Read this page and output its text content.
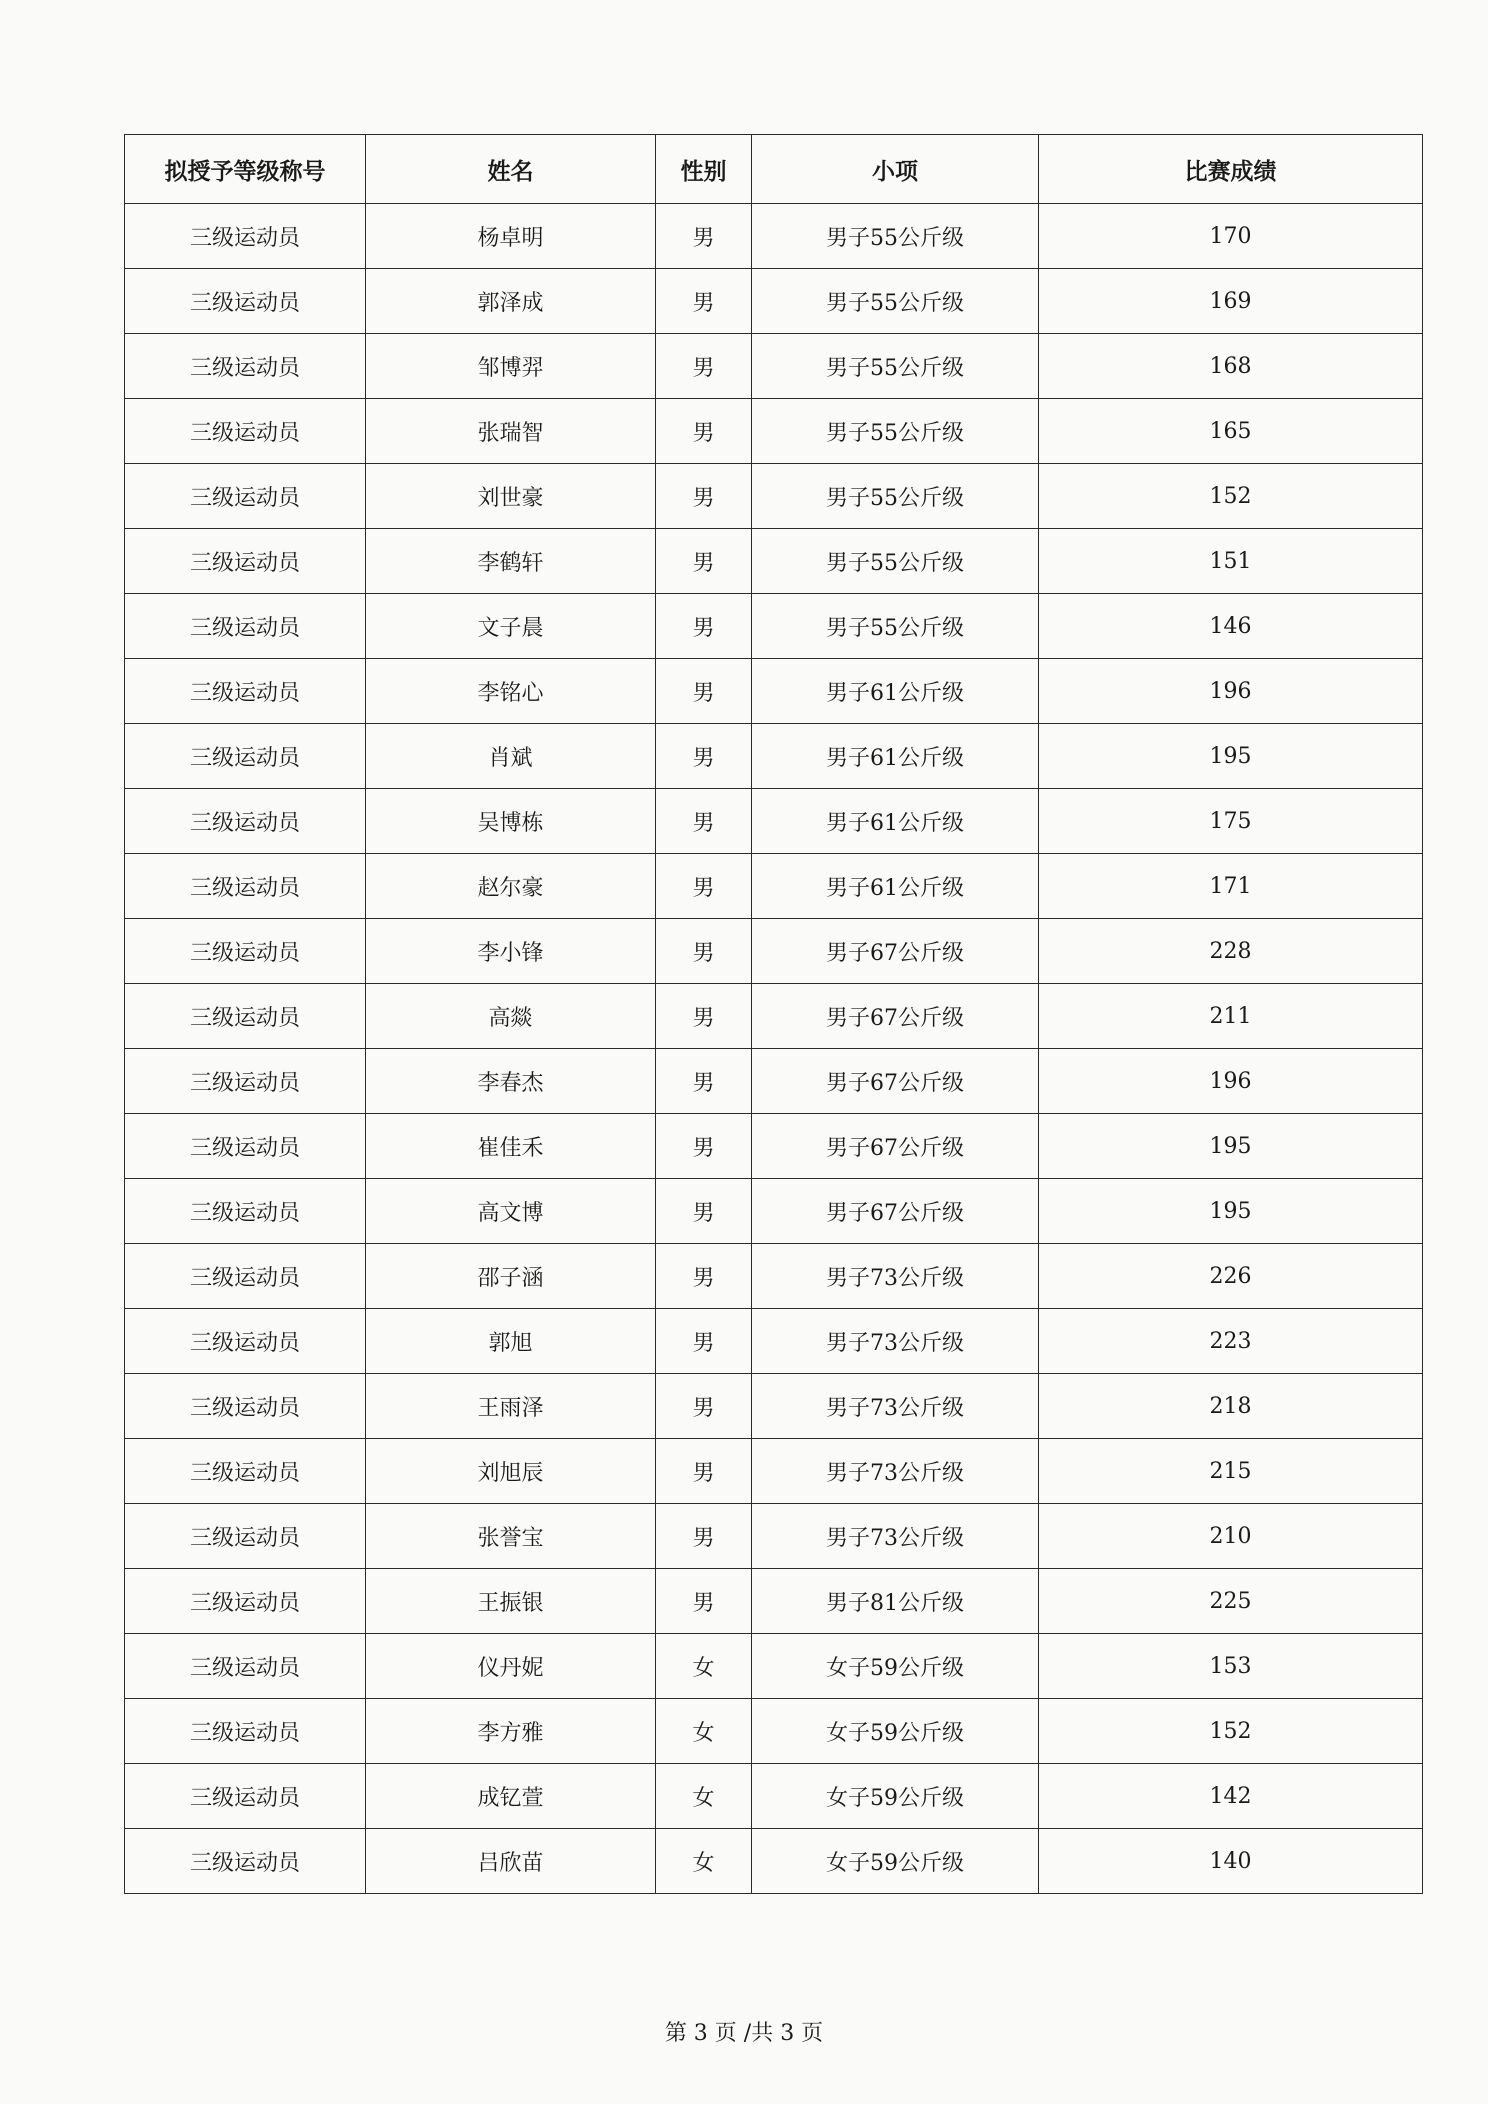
拟授予等级称号	姓名	性别	小项	比赛成绩
三级运动员	杨卓明	男	男子55公斤级	170
三级运动员	郭泽成	男	男子55公斤级	169
三级运动员	邹博羿	男	男子55公斤级	168
三级运动员	张瑞智	男	男子55公斤级	165
三级运动员	刘世豪	男	男子55公斤级	152
三级运动员	李鹤轩	男	男子55公斤级	151
三级运动员	文子晨	男	男子55公斤级	146
三级运动员	李铭心	男	男子61公斤级	196
三级运动员	肖斌	男	男子61公斤级	195
三级运动员	吴博栋	男	男子61公斤级	175
三级运动员	赵尔豪	男	男子61公斤级	171
三级运动员	李小锋	男	男子67公斤级	228
三级运动员	高燚	男	男子67公斤级	211
三级运动员	李春杰	男	男子67公斤级	196
三级运动员	崔佳禾	男	男子67公斤级	195
三级运动员	高文博	男	男子67公斤级	195
三级运动员	邵子涵	男	男子73公斤级	226
三级运动员	郭旭	男	男子73公斤级	223
三级运动员	王雨泽	男	男子73公斤级	218
三级运动员	刘旭辰	男	男子73公斤级	215
三级运动员	张誉宝	男	男子73公斤级	210
三级运动员	王振银	男	男子81公斤级	225
三级运动员	仪丹妮	女	女子59公斤级	153
三级运动员	李方雅	女	女子59公斤级	152
三级运动员	成钇萱	女	女子59公斤级	142
三级运动员	吕欣苗	女	女子59公斤级	140
第 3 页 /共 3 页
